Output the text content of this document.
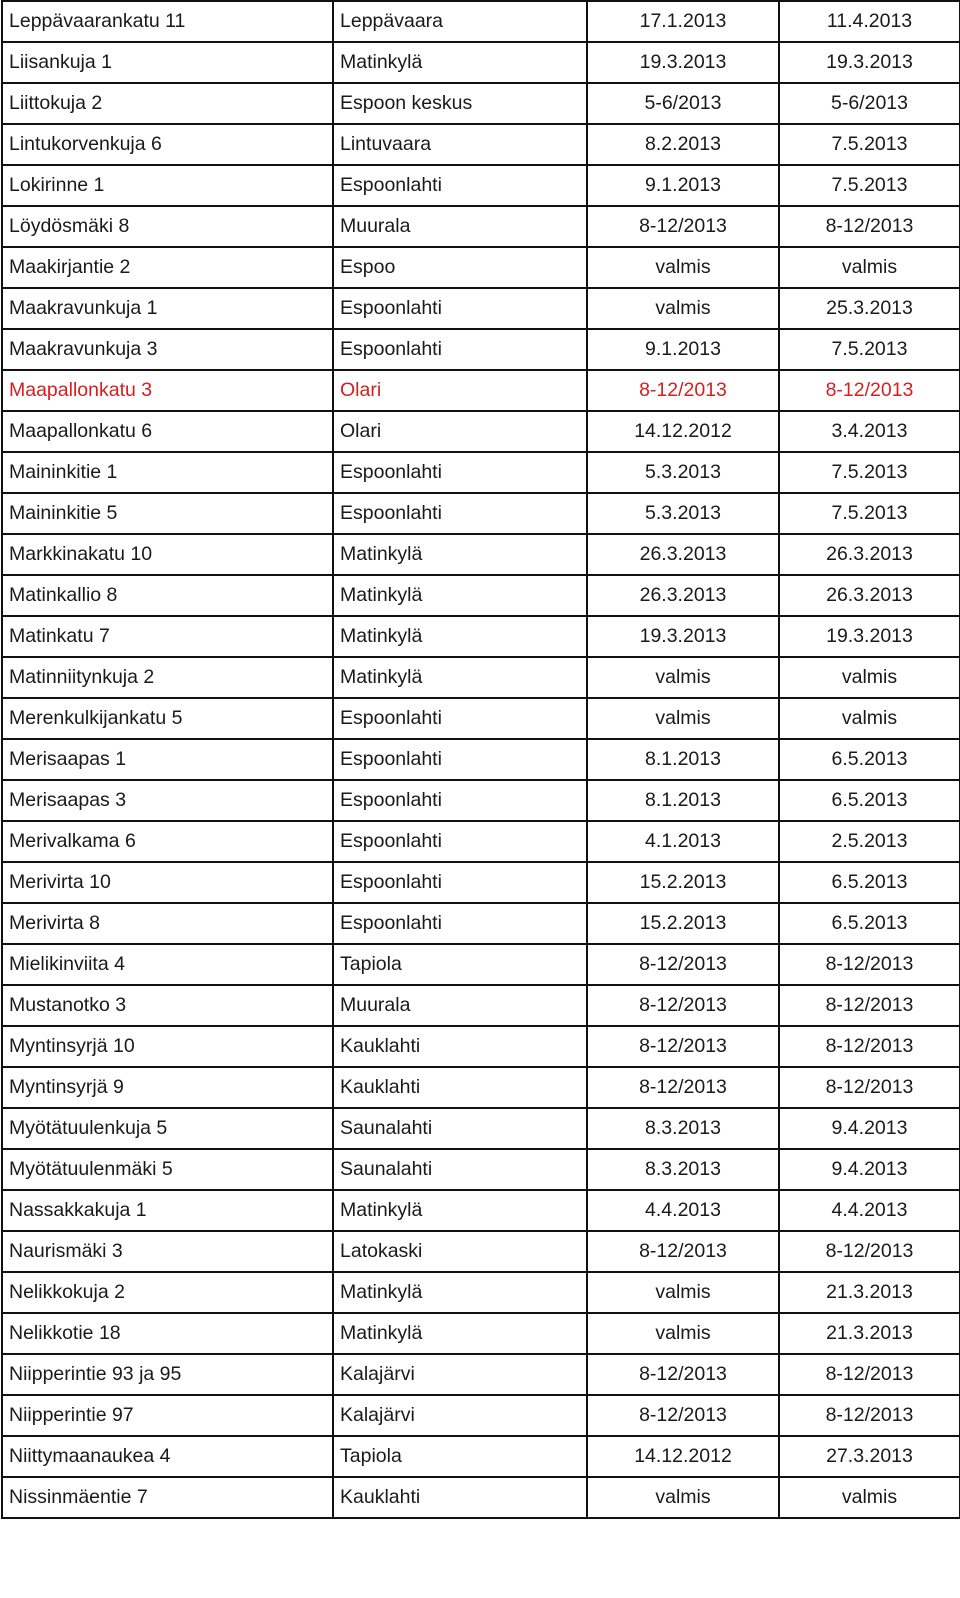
Leppävaarankatu 11	Leppävaara	17.1.2013	11.4.2013
Liisankuja 1	Matinkylä	19.3.2013	19.3.2013
Liittokuja 2	Espoon keskus	5-6/2013	5-6/2013
Lintukorvenkuja 6	Lintuvaara	8.2.2013	7.5.2013
Lokirinne 1	Espoonlahti	9.1.2013	7.5.2013
Löydösmäki 8	Muurala	8-12/2013	8-12/2013
Maakirjantie 2	Espoo	valmis	valmis
Maakravunkuja 1	Espoonlahti	valmis	25.3.2013
Maakravunkuja 3	Espoonlahti	9.1.2013	7.5.2013
Maapallonkatu 3	Olari	8-12/2013	8-12/2013
Maapallonkatu 6	Olari	14.12.2012	3.4.2013
Maininkitie 1	Espoonlahti	5.3.2013	7.5.2013
Maininkitie 5	Espoonlahti	5.3.2013	7.5.2013
Markkinakatu 10	Matinkylä	26.3.2013	26.3.2013
Matinkallio 8	Matinkylä	26.3.2013	26.3.2013
Matinkatu 7	Matinkylä	19.3.2013	19.3.2013
Matinniitynkuja 2	Matinkylä	valmis	valmis
Merenkulkijankatu 5	Espoonlahti	valmis	valmis
Merisaapas 1	Espoonlahti	8.1.2013	6.5.2013
Merisaapas 3	Espoonlahti	8.1.2013	6.5.2013
Merivalkama 6	Espoonlahti	4.1.2013	2.5.2013
Merivirta 10	Espoonlahti	15.2.2013	6.5.2013
Merivirta 8	Espoonlahti	15.2.2013	6.5.2013
Mielikinviita 4	Tapiola	8-12/2013	8-12/2013
Mustanotko 3	Muurala	8-12/2013	8-12/2013
Myntinsyrjä 10	Kauklahti	8-12/2013	8-12/2013
Myntinsyrjä 9	Kauklahti	8-12/2013	8-12/2013
Myötätuulenkuja 5	Saunalahti	8.3.2013	9.4.2013
Myötätuulenmäki 5	Saunalahti	8.3.2013	9.4.2013
Nassakkakuja 1	Matinkylä	4.4.2013	4.4.2013
Naurismäki 3	Latokaski	8-12/2013	8-12/2013
Nelikkokuja 2	Matinkylä	valmis	21.3.2013
Nelikkotie 18	Matinkylä	valmis	21.3.2013
Niipperintie 93 ja 95	Kalajärvi	8-12/2013	8-12/2013
Niipperintie 97	Kalajärvi	8-12/2013	8-12/2013
Niittymaanaukea 4	Tapiola	14.12.2012	27.3.2013
Nissinmäentie 7	Kauklahti	valmis	valmis
